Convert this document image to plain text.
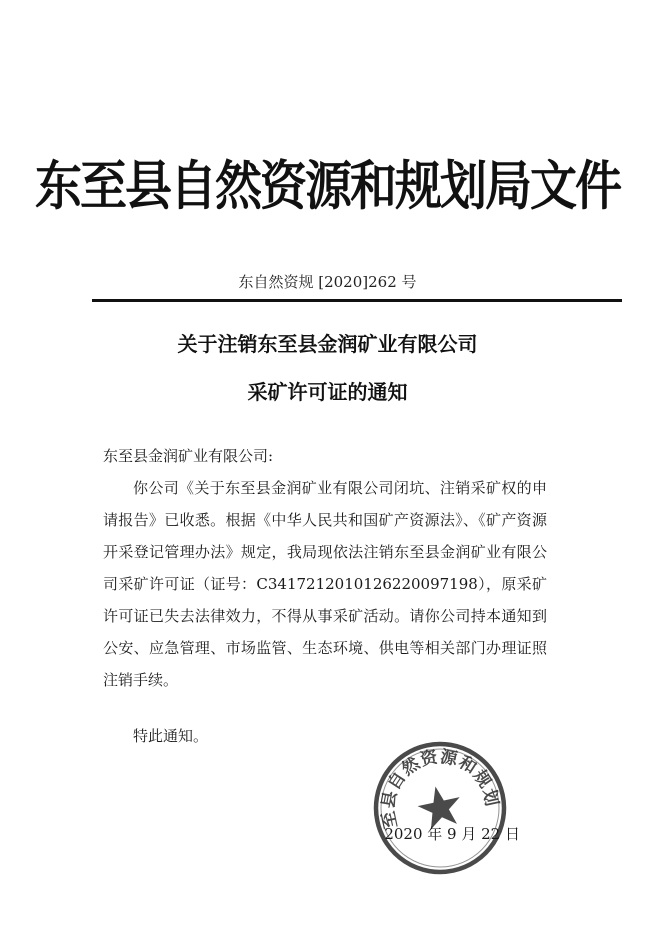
东至县自然资源和规划局文件
东自然资规 [2020]262 号
关于注销东至县金润矿业有限公司
采矿许可证的通知
东至县金润矿业有限公司:
你公司《关于东至县金润矿业有限公司闭坑、注销采矿权的申请报告》已收悉。根据《中华人民共和国矿产资源法》、《矿产资源开采登记管理办法》规定，我局现依法注销东至县金润矿业有限公司采矿许可证（证号：C3417212010126220097198），原采矿许可证已失去法律效力，不得从事采矿活动。请你公司持本通知到公安、应急管理、市场监管、生态环境、供电等相关部门办理证照注销手续。
特此通知。
东至县自然资源和规划局
2020 年 9 月 22 日
